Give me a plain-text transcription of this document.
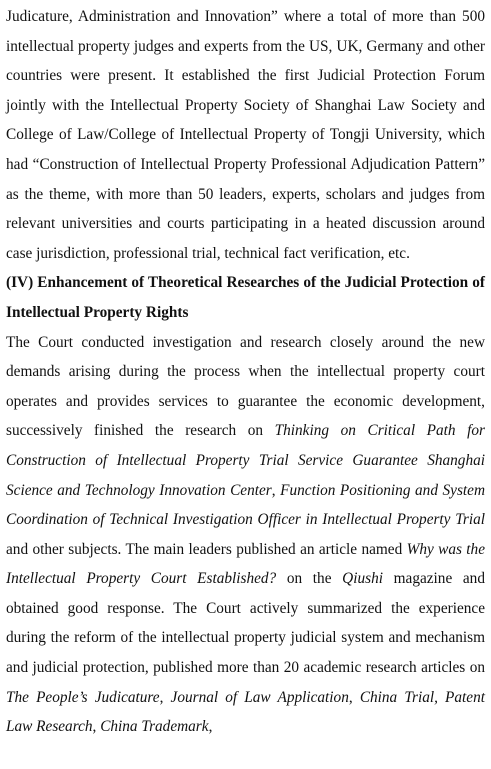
Judicature, Administration and Innovation” where a total of more than 500 intellectual property judges and experts from the US, UK, Germany and other countries were present. It established the first Judicial Protection Forum jointly with the Intellectual Property Society of Shanghai Law Society and College of Law/College of Intellectual Property of Tongji University, which had “Construction of Intellectual Property Professional Adjudication Pattern” as the theme, with more than 50 leaders, experts, scholars and judges from relevant universities and courts participating in a heated discussion around case jurisdiction, professional trial, technical fact verification, etc.

(IV) Enhancement of Theoretical Researches of the Judicial Protection of Intellectual Property Rights

The Court conducted investigation and research closely around the new demands arising during the process when the intellectual property court operates and provides services to guarantee the economic development, successively finished the research on Thinking on Critical Path for Construction of Intellectual Property Trial Service Guarantee Shanghai Science and Technology Innovation Center, Function Positioning and System Coordination of Technical Investigation Officer in Intellectual Property Trial and other subjects. The main leaders published an article named Why was the Intellectual Property Court Established? on the Qiushi magazine and obtained good response. The Court actively summarized the experience during the reform of the intellectual property judicial system and mechanism and judicial protection, published more than 20 academic research articles on The People’s Judicature, Journal of Law Application, China Trial, Patent Law Research, China Trademark,
